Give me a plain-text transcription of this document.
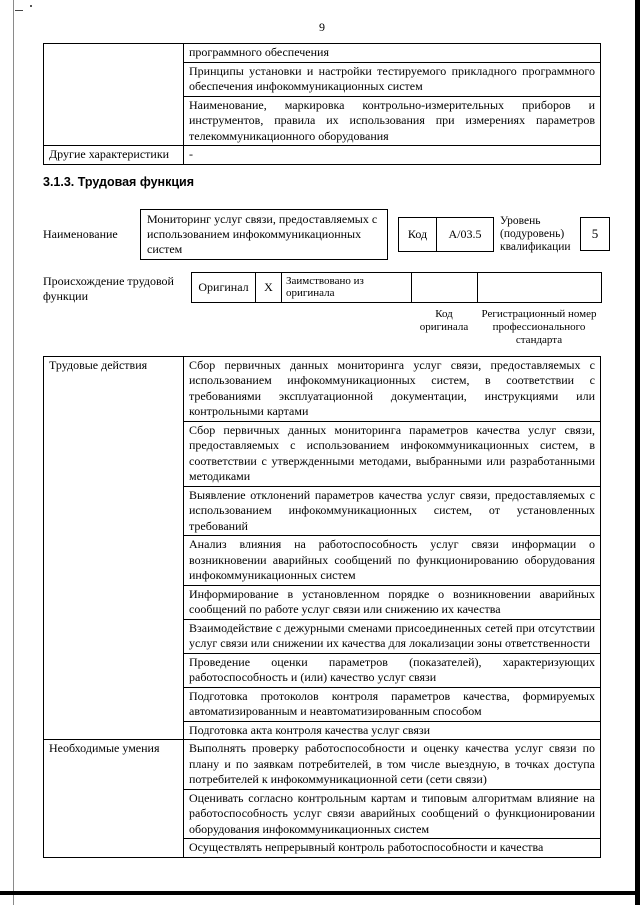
9
	программного обеспечения
	Принципы установки и настройки тестируемого прикладного программного обеспечения инфокоммуникационных систем
	Наименование, маркировка контрольно-измерительных приборов и инструментов, правила их использования при измерениях параметров телекоммуникационного оборудования
Другие характеристики	-
3.1.3. Трудовая функция
Наименование
Мониторинг услуг связи, предоставляемых с использованием инфокоммуникационных систем
Код	А/03.5
Уровень (подуровень) квалификации
5
Происхождение трудовой функции
Оригинал	X	Заимствовано из оригинала		
Код оригинала
Регистрационный номер профессионального стандарта
Трудовые действия	Сбор первичных данных мониторинга услуг связи, предоставляемых с использованием инфокоммуникационных систем, в соответствии с требованиями эксплуатационной документации, инструкциями или контрольными картами
	Сбор первичных данных мониторинга параметров качества услуг связи, предоставляемых с использованием инфокоммуникационных систем, в соответствии с утвержденными методами, выбранными или разработанными методиками
	Выявление отклонений параметров качества услуг связи, предоставляемых с использованием инфокоммуникационных систем, от установленных требований
	Анализ влияния на работоспособность услуг связи информации о возникновении аварийных сообщений по функционированию оборудования инфокоммуникационных систем
	Информирование в установленном порядке о возникновении аварийных сообщений по работе услуг связи или снижению их качества
	Взаимодействие с дежурными сменами присоединенных сетей при отсутствии услуг связи или снижении их качества для локализации зоны ответственности
	Проведение оценки параметров (показателей), характеризующих работоспособность и (или) качество услуг связи
	Подготовка протоколов контроля параметров качества, формируемых автоматизированным и неавтоматизированным способом
	Подготовка акта контроля качества услуг связи
Необходимые умения	Выполнять проверку работоспособности и оценку качества услуг связи по плану и по заявкам потребителей, в том числе выездную, в точках доступа потребителей к инфокоммуникационной сети (сети связи)
	Оценивать согласно контрольным картам и типовым алгоритмам влияние на работоспособность услуг связи аварийных сообщений о функционировании оборудования инфокоммуникационных систем
	Осуществлять непрерывный контроль работоспособности и качества
